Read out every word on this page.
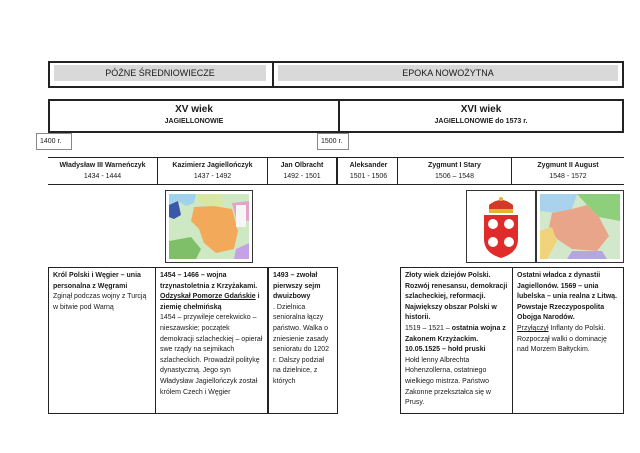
PÓŹNE ŚREDNIOWIECZE	EPOKA NOWOŻYTNA
XV wiek
JAGIELLONOWIE
XVI wiek
JAGIELLONOWIE do 1573 r.
1400 r.	1500 r.
Władysław III Warneńczyk
1434 - 1444
Kazimierz Jagiellończyk
1437 - 1492
Jan Olbracht
1492 - 1501
Aleksander
1501 - 1506
Zygmunt I Stary
1506 – 1548
Zygmunt II August
1548 - 1572
Król Polski i Węgier – unia personalna z Węgrami
Zginął podczas wojny z Turcją w bitwie pod Warną
1454 – 1466 – wojna trzynastoletnia z Krzyżakami.
Odzyskał Pomorze Gdańskie i ziemię chełmińską
1454 – przywileje cerekwicko – nieszawskie; początek demokracji szlacheckiej – opierał swe rządy na sejmikach szlacheckich. Prowadził politykę dynastyczną. Jego syn Władysław Jagiellończyk został królem Czech i Węgier
1493 – zwołał pierwszy sejm dwuizbowy
. Dzielnica senioralna łączy państwo. Walka o zniesienie zasady senioratu do 1202 r. Dalszy podział na dzielnice, z których
Złoty wiek dziejów Polski. Rozwój renesansu, demokracji szlacheckiej, reformacji. Największy obszar Polski w historii.
1519 – 1521 – ostatnia wojna z Zakonem Krzyżackim.
10.05.1525 – hołd pruski
Hołd lenny Albrechta Hohenzollerna, ostatniego wielkiego mistrza. Państwo Zakonne przekształca się w Prusy.
Ostatni władca z dynastii Jagiellonów. 1569 – unia lubelska – unia realna z Litwą. Powstaje Rzeczypospolita Obojga Narodów.
Przyłączył Inflanty do Polski. Rozpoczął walki o dominację nad Morzem Bałtyckim.
